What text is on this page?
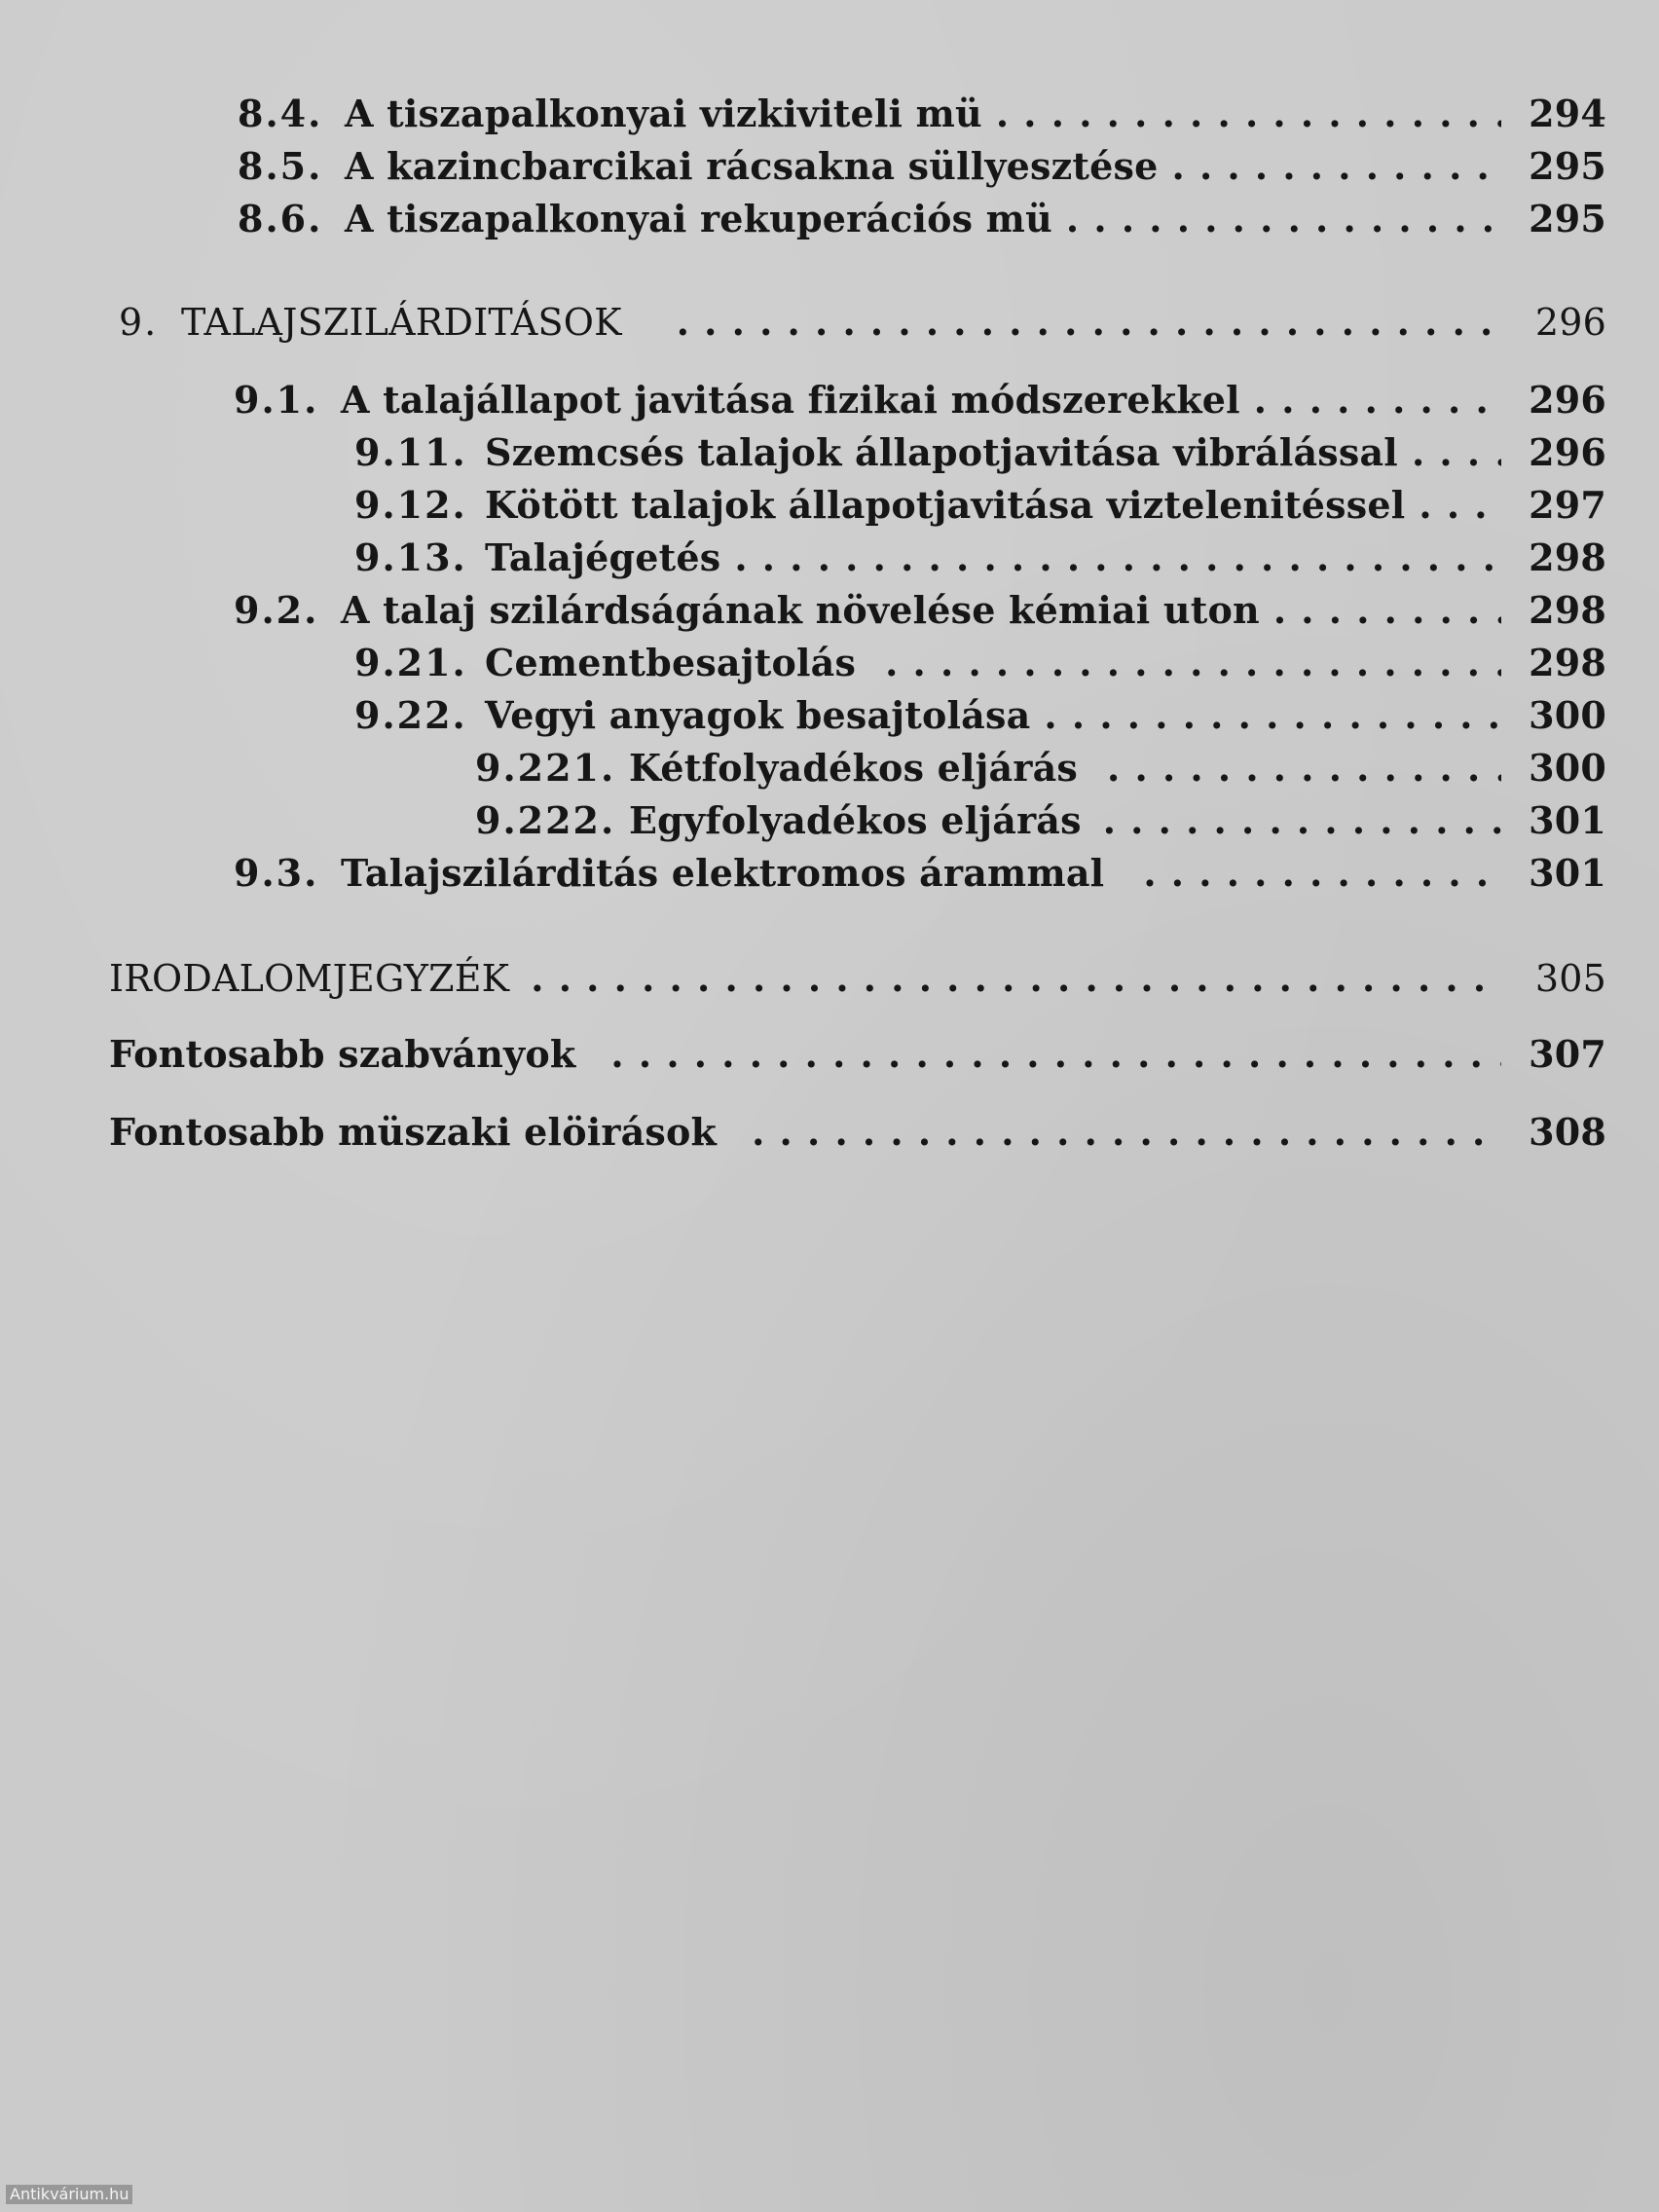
8.4. A tiszapalkonyai vizkiviteli mü . . .	294
8.5. A kazincbarcikai rácsakna süllyesztése . . .	295
8.6. A tiszapalkonyai rekuperációs mü . . .	295
9. TALAJSZILÁRDITÁSOK . . .	296
9.1. A talajállapot javitása fizikai módszerekkel . . .	296
9.11. Szemcsés talajok állapotjavitása vibrálással . . .	296
9.12. Kötött talajok állapotjavitása viztelenitéssel . . .	297
9.13. Talajégetés . . .	298
9.2. A talaj szilárdságának növelése kémiai uton . . .	298
9.21. Cementbesajtolás . . .	298
9.22. Vegyi anyagok besajtolása . . .	300
9.221. Kétfolyadékos eljárás . . .	300
9.222. Egyfolyadékos eljárás . . .	301
9.3. Talajszilárditás elektromos árammal . . .	301
IRODALOMJEGYZÉK . . .	305
Fontosabb szabványok . . .	307
Fontosabb müszaki elöirások . . .	308
Antikvárium.hu
